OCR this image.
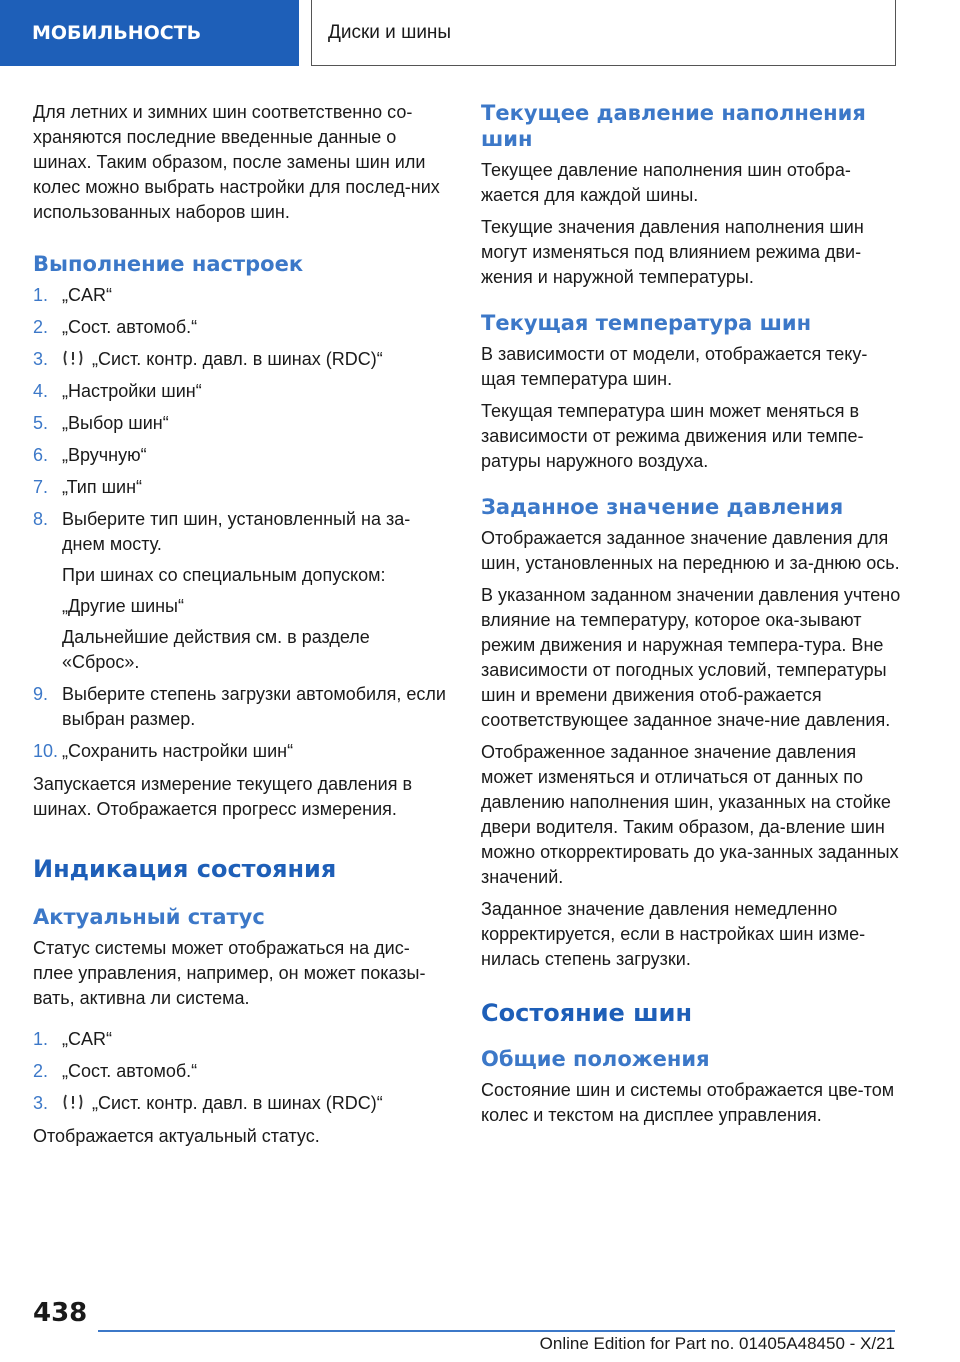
МОБИЛЬНОСТЬ	Диски и шины

Для летних и зимних шин соответственно со-храняются последние введенные данные о шинах. Таким образом, после замены шин или колес можно выбрать настройки для послед-них использованных наборов шин.

Выполнение настроек
1. „CAR“
2. „Сост. автомоб.“
3.	„Сист. контр. давл. в шинах (RDC)“
4. „Настройки шин“
5. „Выбор шин“
6. „Вручную“
7. „Тип шин“
8. Выберите тип шин, установленный на за-днем мосту.
При шинах со специальным допуском:
„Другие шины“
Дальнейшие действия см. в разделе «Сброс».
9. Выберите степень загрузки автомобиля, если выбран размер.
10. „Сохранить настройки шин“

Запускается измерение текущего давления в шинах. Отображается прогресс измерения.

Индикация состояния
Актуальный статус

Статус системы может отображаться на дис-плее управления, например, он может показы-вать, активна ли система.

1. „CAR“
2. „Сост. автомоб.“
3.	„Сист. контр. давл. в шинах (RDC)“

Отображается актуальный статус.

Текущее давление наполнения шин

Текущее давление наполнения шин отобра-жается для каждой шины.

Текущие значения давления наполнения шин могут изменяться под влиянием режима дви-жения и наружной температуры.

Текущая температура шин

В зависимости от модели, отображается теку-щая температура шин.

Текущая температура шин может меняться в зависимости от режима движения или темпе-ратуры наружного воздуха.

Заданное значение давления

Отображается заданное значение давления для шин, установленных на переднюю и за-днюю ось.

В указанном заданном значении давления учтено влияние на температуру, которое ока-зывают режим движения и наружная темпера-тура. Вне зависимости от погодных условий, температуры шин и времени движения отоб-ражается соответствующее заданное значе-ние давления.

Отображенное заданное значение давления может изменяться и отличаться от данных по давлению наполнения шин, указанных на стойке двери водителя. Таким образом, да-вление шин можно откорректировать до ука-занных заданных значений.

Заданное значение давления немедленно корректируется, если в настройках шин изме-нилась степень загрузки.

Состояние шин
Общие положения

Состояние шин и системы отображается цве-том колес и текстом на дисплее управления.

438
Online Edition for Part no. 01405A48450 - X/21
